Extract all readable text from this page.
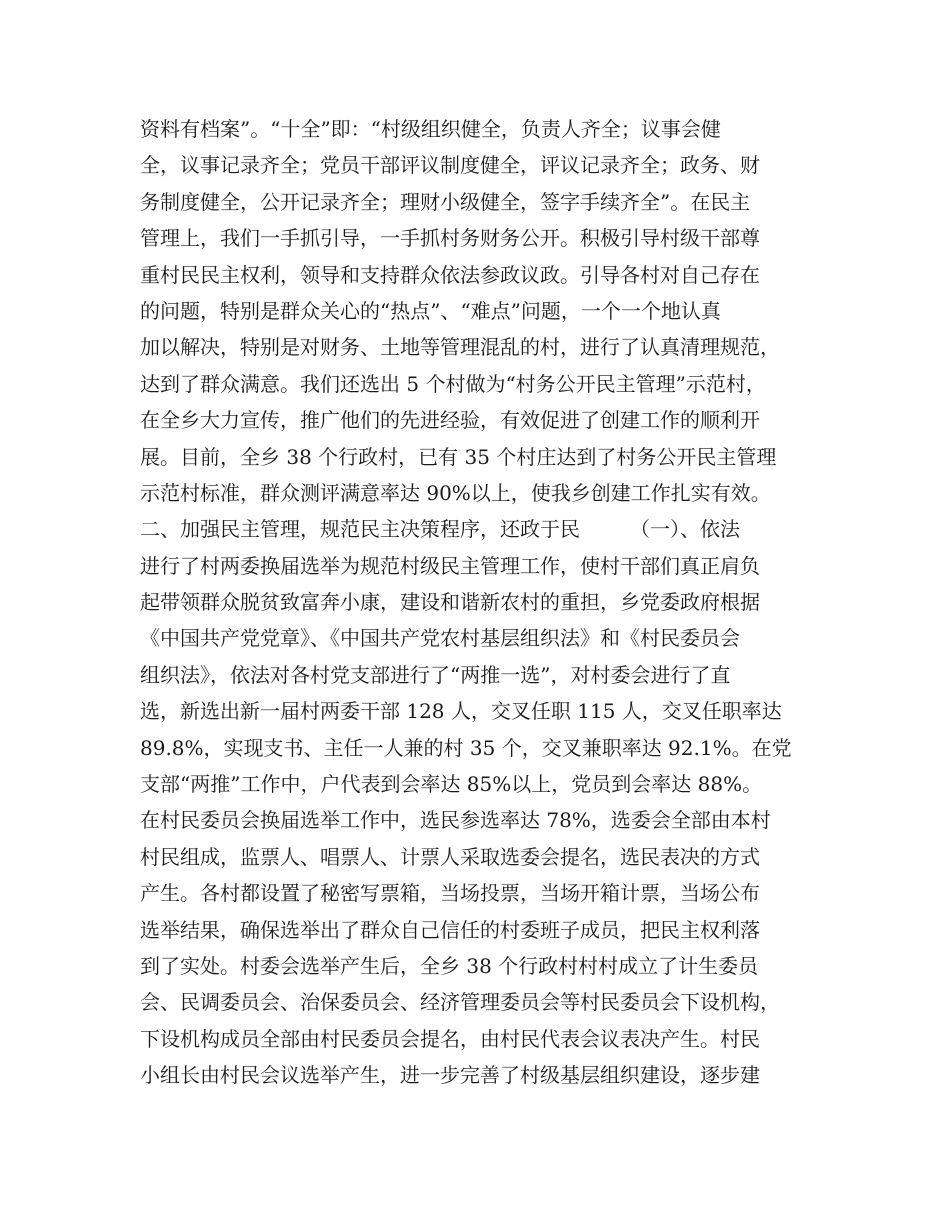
资料有档案”。“十全”即：“村级组织健全，负责人齐全；议事会健
全，议事记录齐全；党员干部评议制度健全，评议记录齐全；政务、财
务制度健全，公开记录齐全；理财小级健全，签字手续齐全”。在民主
管理上，我们一手抓引导，一手抓村务财务公开。积极引导村级干部尊
重村民民主权利，领导和支持群众依法参政议政。引导各村对自己存在
的问题，特别是群众关心的“热点”、“难点”问题，一个一个地认真
加以解决，特别是对财务、土地等管理混乱的村，进行了认真清理规范，
达到了群众满意。我们还选出 5 个村做为“村务公开民主管理”示范村，
在全乡大力宣传，推广他们的先进经验，有效促进了创建工作的顺利开
展。目前，全乡 38 个行政村，已有 35 个村庄达到了村务公开民主管理
示范村标准，群众测评满意率达 90%以上，使我乡创建工作扎实有效。
二、加强民主管理，规范民主决策程序，还政于民　　　（一）、依法
进行了村两委换届选举为规范村级民主管理工作，使村干部们真正肩负
起带领群众脱贫致富奔小康，建设和谐新农村的重担，乡党委政府根据
《中国共产党党章》、《中国共产党农村基层组织法》和《村民委员会
组织法》，依法对各村党支部进行了“两推一选”，对村委会进行了直
选，新选出新一届村两委干部 128 人，交叉任职 115 人，交叉任职率达
89.8%，实现支书、主任一人兼的村 35 个，交叉兼职率达 92.1%。在党
支部“两推”工作中，户代表到会率达 85%以上，党员到会率达 88%。
在村民委员会换届选举工作中，选民参选率达 78%，选委会全部由本村
村民组成，监票人、唱票人、计票人采取选委会提名，选民表决的方式
产生。各村都设置了秘密写票箱，当场投票，当场开箱计票，当场公布
选举结果，确保选举出了群众自己信任的村委班子成员，把民主权利落
到了实处。村委会选举产生后，全乡 38 个行政村村村成立了计生委员
会、民调委员会、治保委员会、经济管理委员会等村民委员会下设机构，
下设机构成员全部由村民委员会提名，由村民代表会议表决产生。村民
小组长由村民会议选举产生，进一步完善了村级基层组织建设，逐步建
